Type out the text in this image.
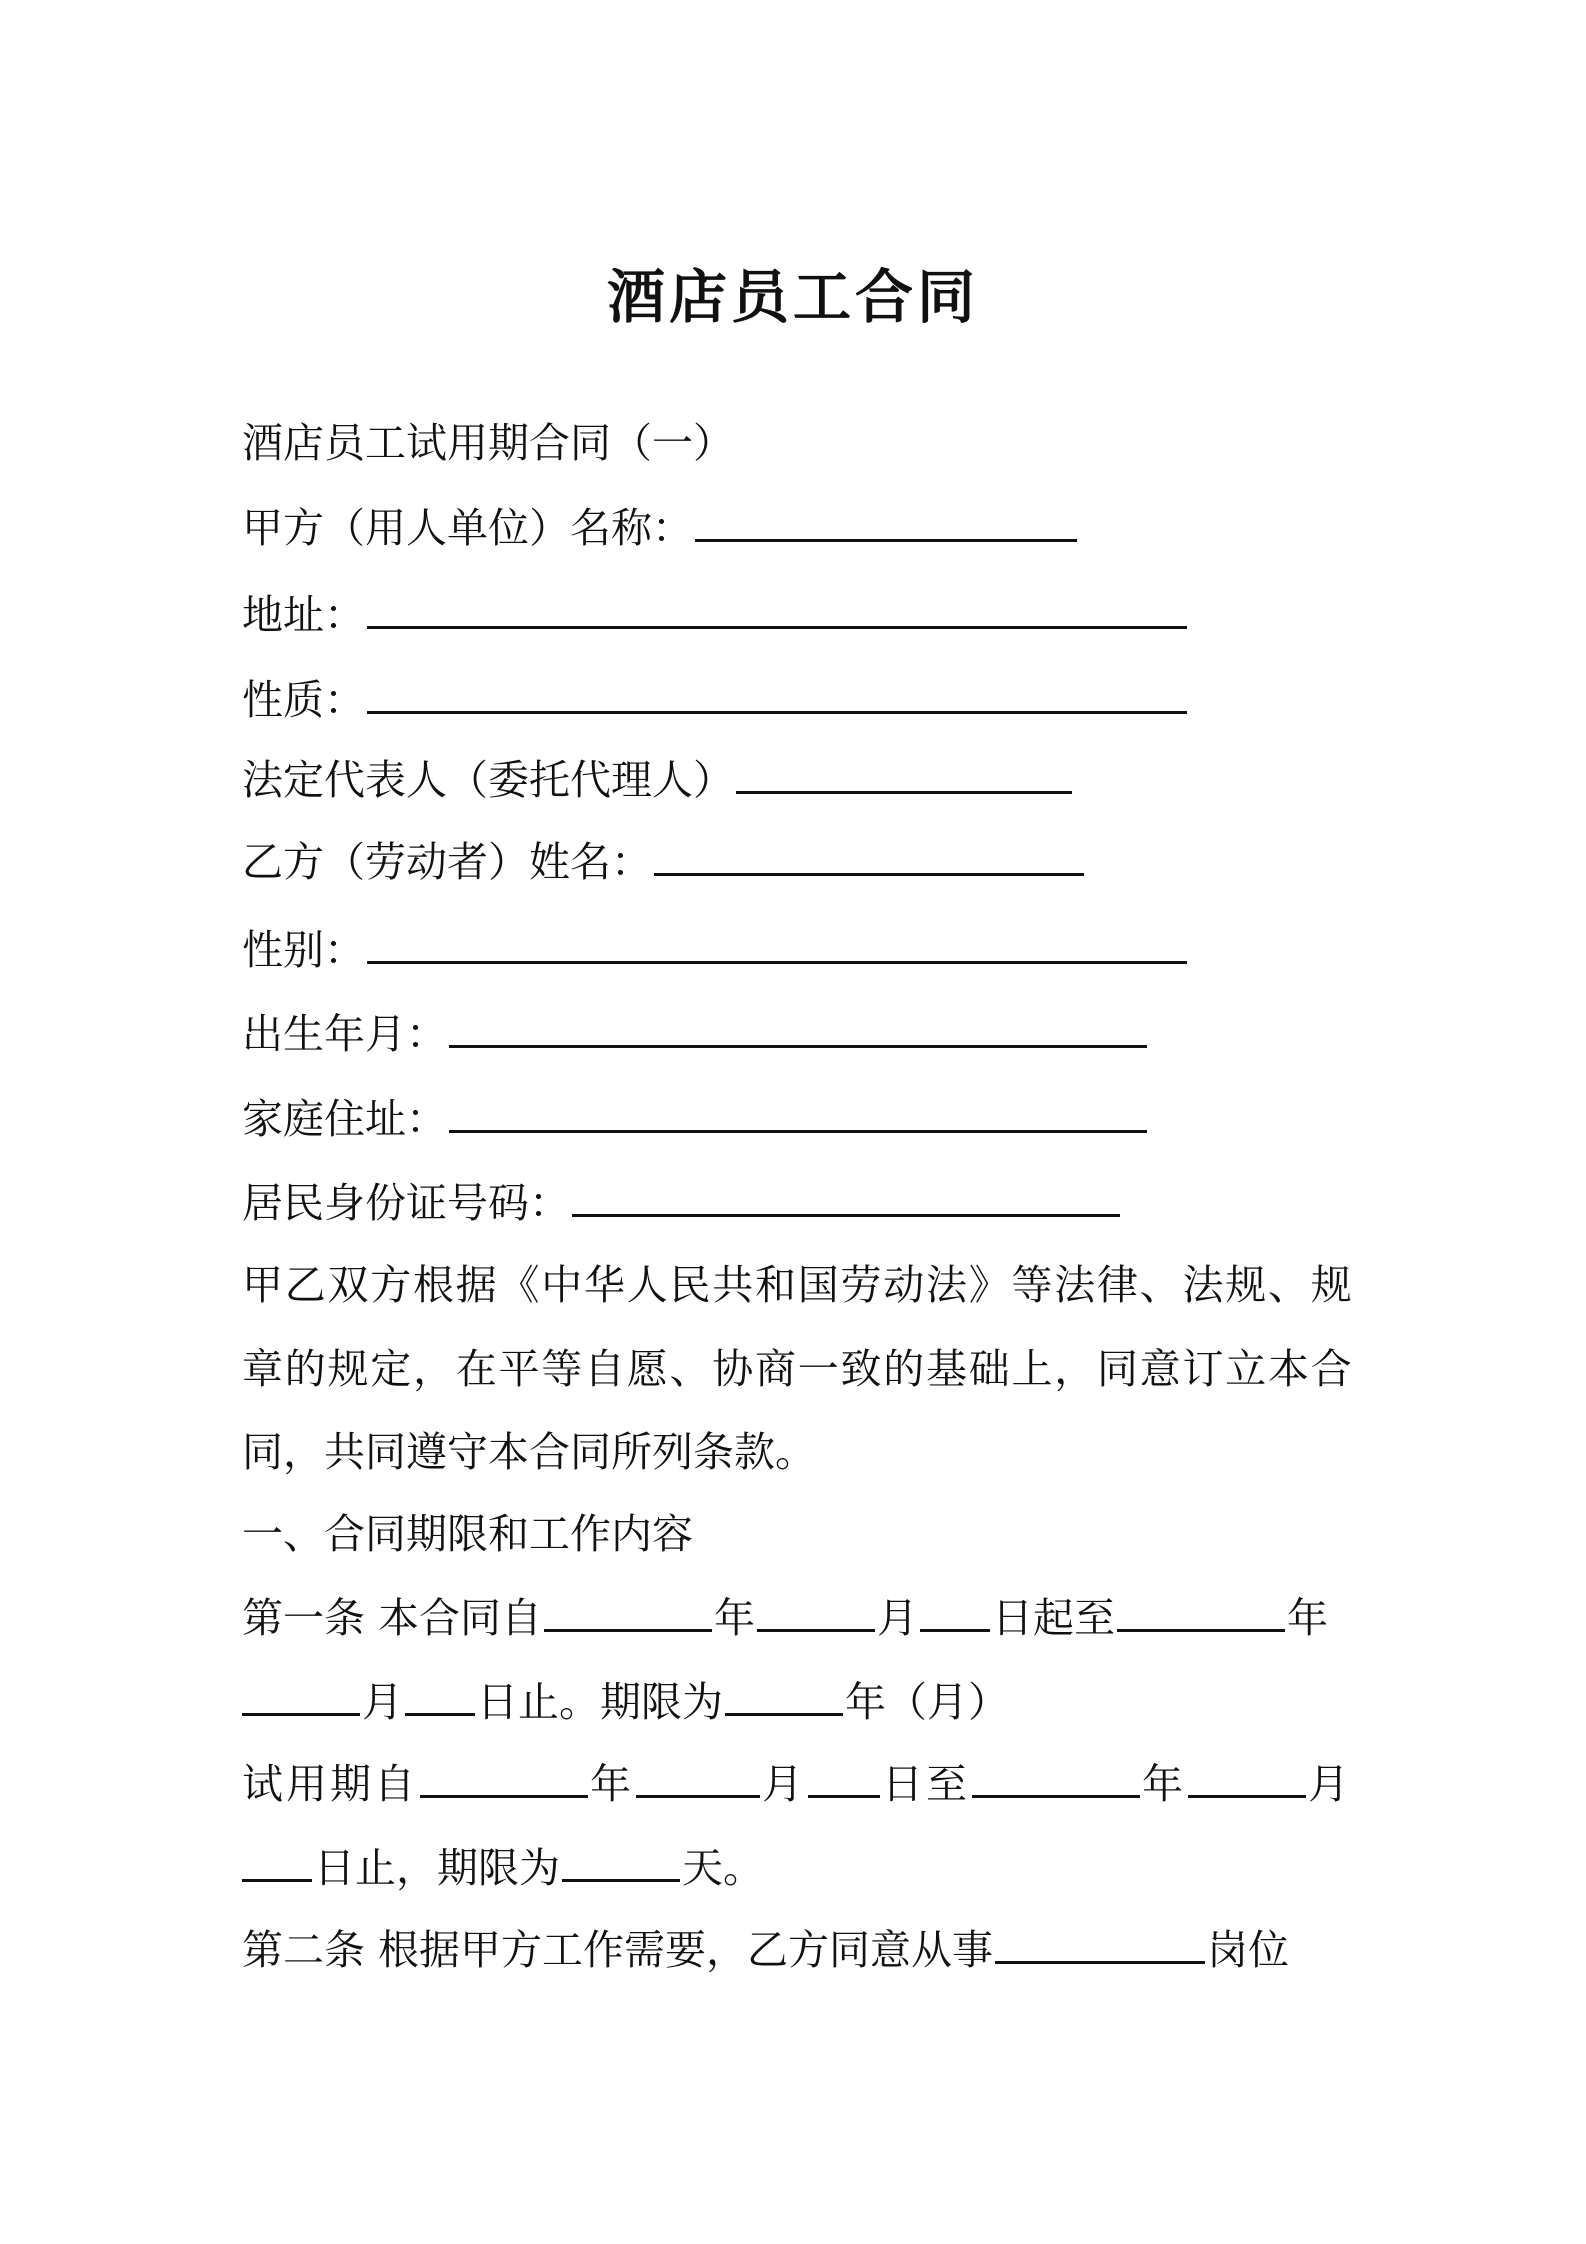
酒店员工合同

酒店员工试用期合同（一）

甲方（用人单位）名称：

地址：

性质：

法定代表人（委托代理人）

乙方（劳动者）姓名：

性别：

出生年月：

家庭住址：

居民身份证号码：

甲 乙 双 方 根 据 《 中 华 人 民 共 和 国 劳 动 法 》 等 法 律 、 法 规 、 规
章 的 规 定 ， 在 平 等 自 愿 、 协 商 一 致 的 基 础 上 ， 同 意 订 立 本 合

同，共同遵守本合同所列条款。

一、合同期限和工作内容

第一条 本合同自	年	月 日起至	年

月 日止。期限为	年（月）

试用期自	年	月 日至	年	月

日止，期限为	天。

第二条 根据甲方工作需要，乙方同意从事	岗位
